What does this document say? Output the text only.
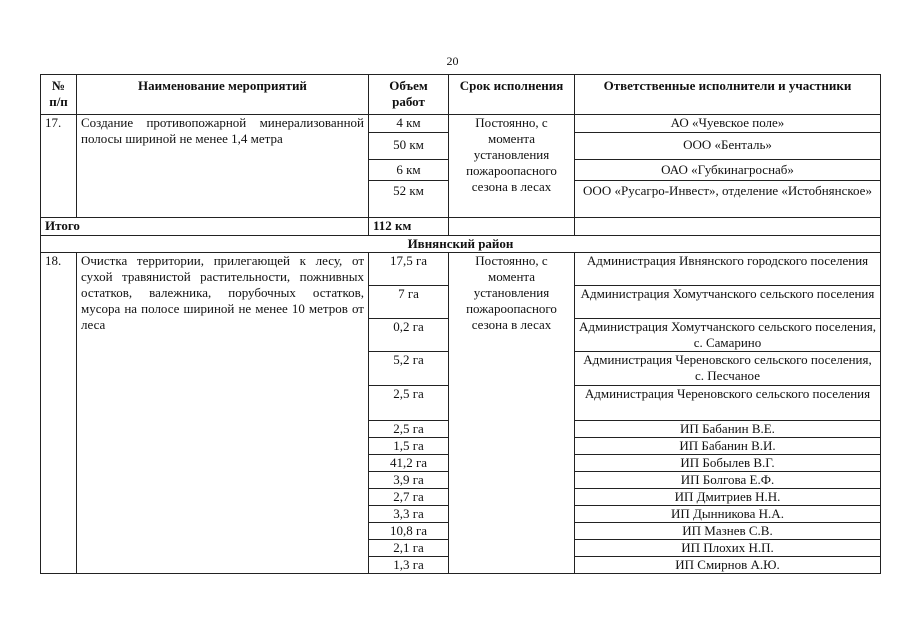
20
№ п/п	Наименование мероприятий	Объем работ	Срок исполнения	Ответственные исполнители и участники
17.	Создание противопожарной минерализованной полосы шириной не менее 1,4 метра	4 км	Постоянно, с момента установления пожароопасного сезона в лесах	АО «Чуевское поле»
		50 км		ООО «Бенталь»
		6 км		ОАО «Губкинагроснаб»
		52 км		ООО «Русагро-Инвест», отделение «Истобнянское»
Итого		112 км		
Ивнянский район				
18.	Очистка территории, прилегающей к лесу, от сухой травянистой растительности, пожнивных остатков, валежника, порубочных остатков, мусора на полосе шириной не менее 10 метров от леса	17,5 га	Постоянно, с момента установления пожароопасного сезона в лесах	Администрация Ивнянского городского поселения
		7 га		Администрация Хомутчанского сельского поселения
		0,2 га		Администрация Хомутчанского сельского поселения, с. Самарино
		5,2 га		Администрация Череновского сельского поселения, с. Песчаное
		2,5 га		Администрация Череновского сельского поселения
		2,5 га		ИП Бабанин В.Е.
		1,5 га		ИП Бабанин В.И.
		41,2 га		ИП Бобылев В.Г.
		3,9 га		ИП Болгова Е.Ф.
		2,7 га		ИП Дмитриев Н.Н.
		3,3 га		ИП Дынникова Н.А.
		10,8 га		ИП Мазнев С.В.
		2,1 га		ИП Плохих Н.П.
		1,3 га		ИП Смирнов А.Ю.
